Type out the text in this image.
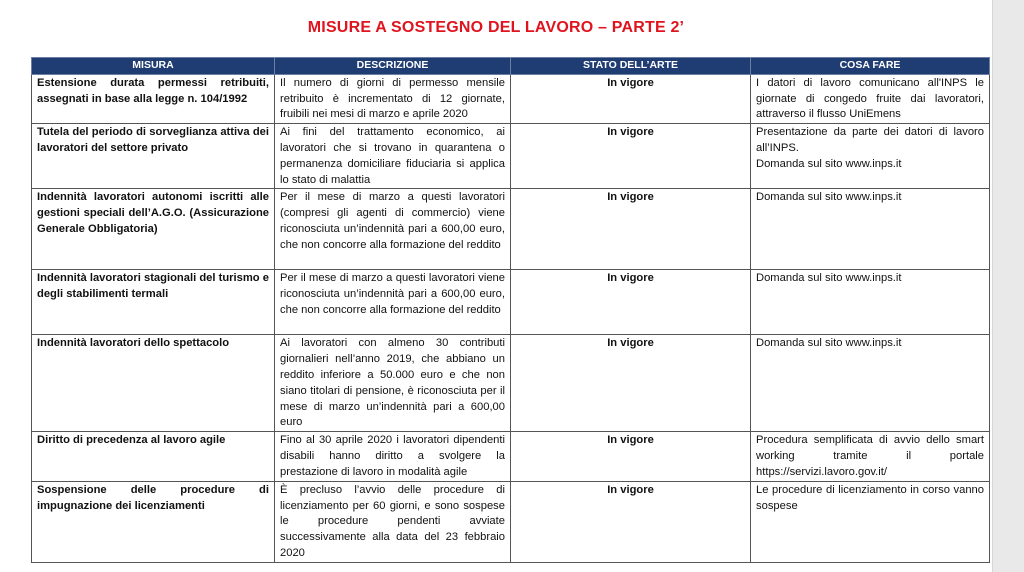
MISURE A SOSTEGNO DEL LAVORO – PARTE 2’
MISURA	DESCRIZIONE	STATO DELL’ARTE	COSA FARE
Estensione durata permessi retribuiti, assegnati in base alla legge n. 104/1992	Il numero di giorni di permesso mensile retribuito è incrementato di 12 giornate, fruibili nei mesi di marzo e aprile 2020	In vigore	I datori di lavoro comunicano all'INPS le giornate di congedo fruite dai lavoratori, attraverso il flusso UniEmens

Tutela del periodo di sorveglianza attiva dei lavoratori del settore privato	Ai fini del trattamento economico, ai lavoratori che si trovano in quarantena o permanenza domiciliare fiduciaria si applica lo stato di malattia	In vigore	Presentazione da parte dei datori di lavoro all’INPS.
Domanda sul sito www.inps.it

Indennità lavoratori autonomi iscritti alle gestioni speciali dell’A.G.O. (Assicurazione Generale Obbligatoria)	Per il mese di marzo a questi lavoratori (compresi gli agenti di commercio) viene riconosciuta un’indennità pari a 600,00 euro, che non concorre alla formazione del reddito	In vigore	Domanda sul sito www.inps.it

Indennità lavoratori stagionali del turismo e degli stabilimenti termali	Per il mese di marzo a questi lavoratori viene riconosciuta un’indennità pari a 600,00 euro, che non concorre alla formazione del reddito	In vigore	Domanda sul sito www.inps.it

Indennità lavoratori dello spettacolo	Ai lavoratori con almeno 30 contributi giornalieri nell’anno 2019, che abbiano un reddito inferiore a 50.000 euro e che non siano titolari di pensione, è riconosciuta per il mese di marzo un’indennità pari a 600,00 euro	In vigore	Domanda sul sito www.inps.it

Diritto di precedenza al lavoro agile	Fino al 30 aprile 2020 i lavoratori dipendenti disabili hanno diritto a svolgere la prestazione di lavoro in modalità agile	In vigore	Procedura semplificata di avvio dello smart working tramite il portale https://servizi.lavoro.gov.it/

Sospensione delle procedure di impugnazione dei licenziamenti	È precluso l’avvio delle procedure di licenziamento per 60 giorni, e sono sospese le procedure pendenti avviate successivamente alla data del 23 febbraio 2020	In vigore	Le procedure di licenziamento in corso vanno sospese
